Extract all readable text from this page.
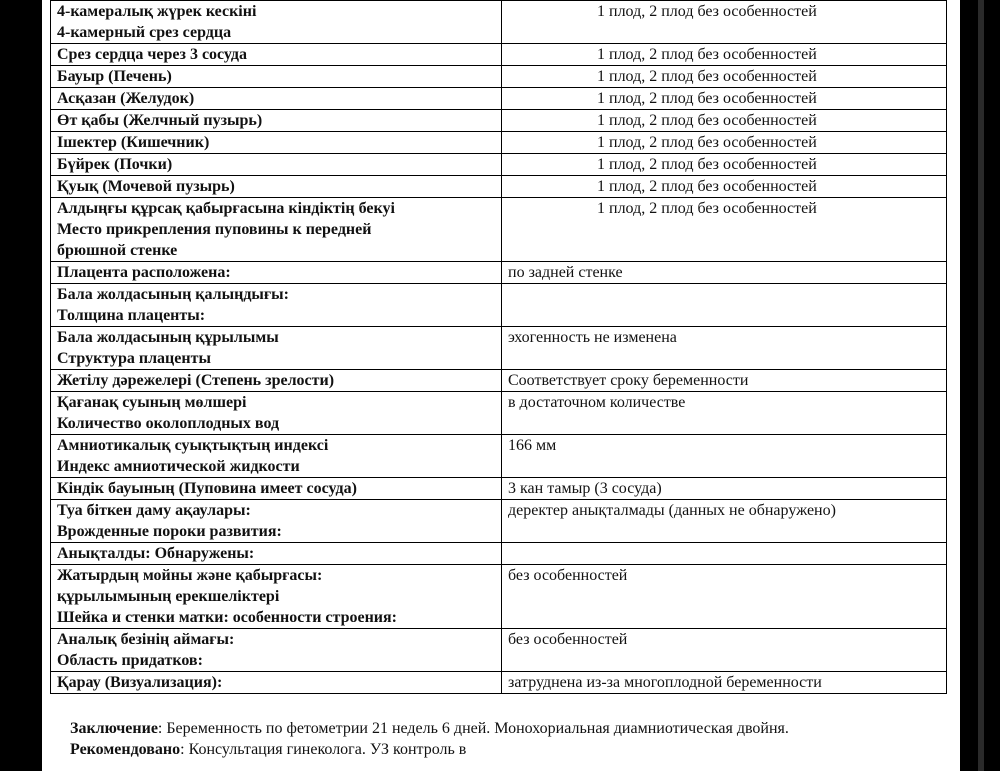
4-камералық жүрек кескіні
4-камерный срез сердца	1 плод, 2 плод без особенностей

Срез сердца через 3 сосуда	1 плод, 2 плод без особенностей

Бауыр (Печень)	1 плод, 2 плод без особенностей

Асқазан (Желудок)	1 плод, 2 плод без особенностей

Өт қабы (Желчный пузырь)	1 плод, 2 плод без особенностей

Ішектер (Кишечник)	1 плод, 2 плод без особенностей

Бүйрек (Почки)	1 плод, 2 плод без особенностей

Қуық (Мочевой пузырь)	1 плод, 2 плод без особенностей

Алдыңғы құрсақ қабырғасына кіндіктің бекуі
Место прикрепления пуповины к передней
брюшной стенке	1 плод, 2 плод без особенностей

Плацента расположена:	по задней стенке

Бала жолдасының қалыңдығы:
Толщина плаценты:	

Бала жолдасының құрылымы
Структура плаценты	эхогенность не изменена

Жетілу дәрежелері (Степень зрелости)	Соответствует сроку беременности

Қағанақ суының мөлшері
Количество околоплодных вод	в достаточном количестве

Амниотикалық суықтықтың индексі
Индекс амниотической жидкости	166 мм

Кіндік бауының (Пуповина имеет сосуда)	3 кан тамыр (3 сосуда)

Туа біткен даму ақаулары:
Врожденные пороки развития:	деректер анықталмады (данных не обнаружено)

Анықталды: Обнаружены:	

Жатырдың мойны және қабырғасы:
құрылымының ерекшеліктері
Шейка и стенки матки: особенности строения:	без особенностей

Аналық безінің аймағы:
Область придатков:	без особенностей

Қарау (Визуализация):	затруднена из-за многоплодной беременности

Заключение: Беременность по фетометрии 21 недель 6 дней. Монохориальная диамниотическая двойня.

Рекомендовано: Консультация гинеколога. УЗ контроль в
